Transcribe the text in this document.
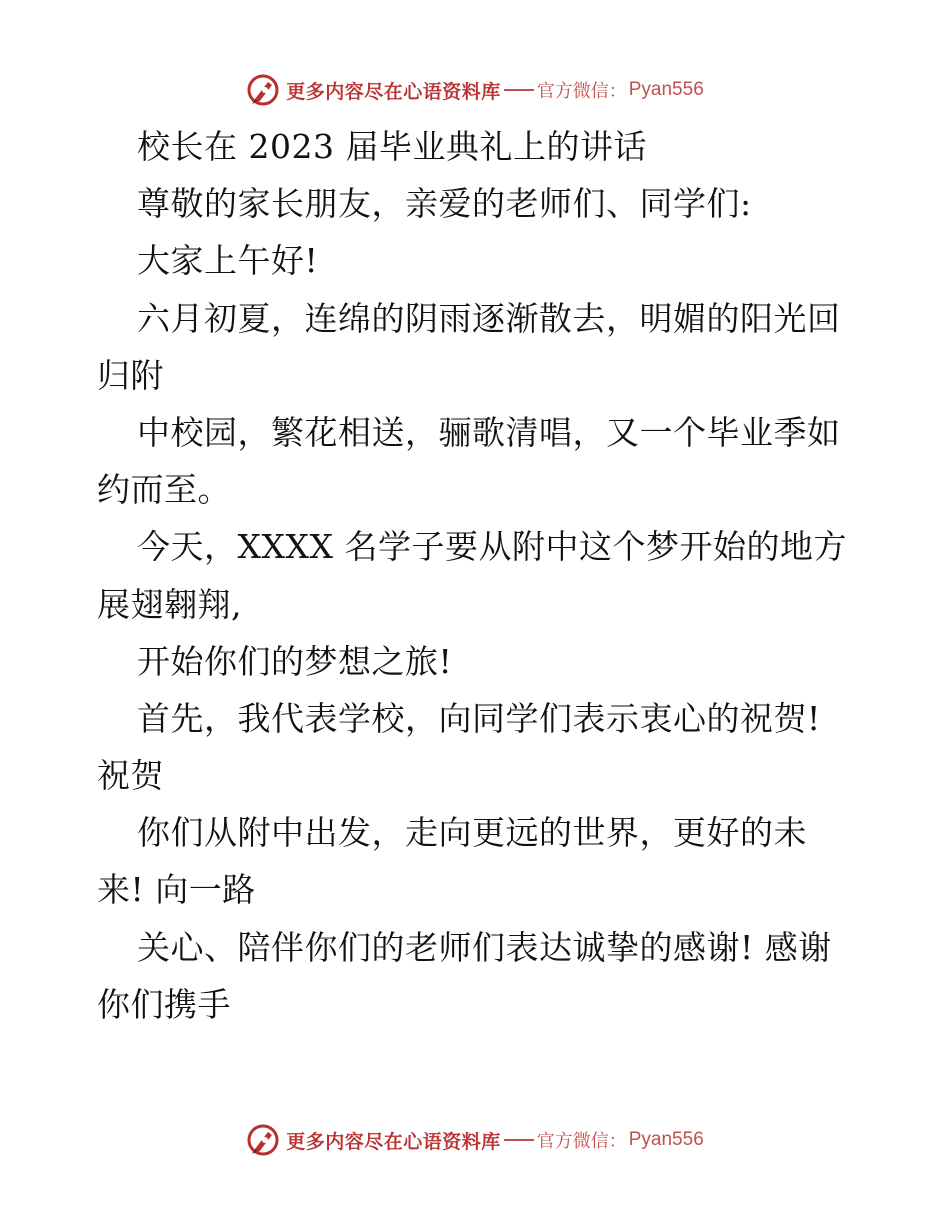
更多内容尽在心语资料库 官方微信： Pyan556
校长在 2023 届毕业典礼上的讲话
尊敬的家长朋友，亲爱的老师们、同学们:
大家上午好!
六月初夏，连绵的阴雨逐渐散去，明媚的阳光回
归附
中校园，繁花相送，骊歌清唱，又一个毕业季如
约而至。
今天，XXXX 名学子要从附中这个梦开始的地方
展翅翱翔,
开始你们的梦想之旅!
首先，我代表学校，向同学们表示衷心的祝贺!
祝贺
你们从附中出发，走向更远的世界，更好的未
来! 向一路
关心、陪伴你们的老师们表达诚挚的感谢! 感谢
你们携手
更多内容尽在心语资料库 官方微信： Pyan556
